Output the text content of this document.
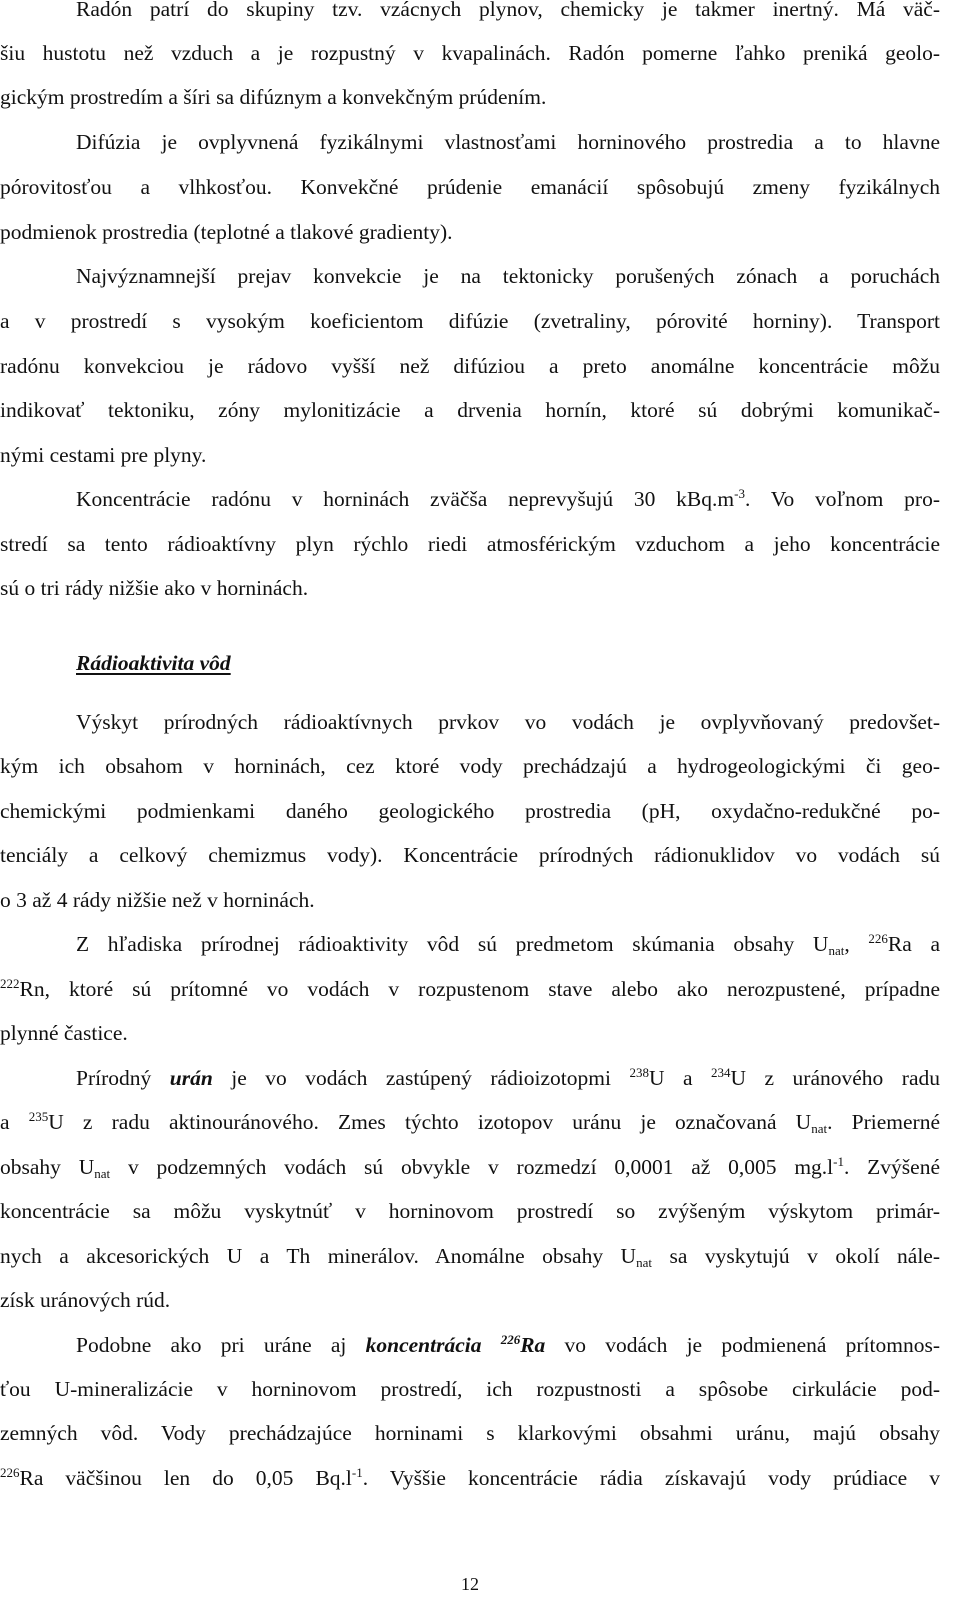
Radón patrí do skupiny tzv. vzácnych plynov, chemicky je takmer inertný. Má väč-
šiu hustotu než vzduch a je rozpustný v kvapalinách. Radón pomerne ľahko preniká geolo-
gickým prostredím a šíri sa difúznym a konvekčným prúdením.
Difúzia je ovplyvnená fyzikálnymi vlastnosťami horninového prostredia a to hlavne
pórovitosťou a vlhkosťou. Konvekčné prúdenie emanácií spôsobujú zmeny fyzikálnych
podmienok prostredia (teplotné a tlakové gradienty).
Najvýznamnejší prejav konvekcie je na tektonicky porušených zónach a poruchách
a v prostredí s vysokým koeficientom difúzie (zvetraliny, pórovité horniny). Transport
radónu konvekciou je rádovo vyšší než difúziou a preto anomálne koncentrácie môžu
indikovať tektoniku, zóny mylonitizácie a drvenia hornín, ktoré sú dobrými komunikač-
nými cestami pre plyny.
Koncentrácie radónu v horninách zväčša neprevyšujú 30 $kBq.m^{-3}$. Vo voľnom pro-
stredí sa tento rádioaktívny plyn rýchlo riedi atmosférickým vzduchom a jeho koncentrácie
sú o tri rády nižšie ako v horninách.
Rádioaktivita vôd
Výskyt prírodných rádioaktívnych prvkov vo vodách je ovplyvňovaný predovšet-
kým ich obsahom v horninách, cez ktoré vody prechádzajú a hydrogeologickými či geo-
chemickými podmienkami daného geologického prostredia (pH, oxydačno-redukčné po-
tenciály a celkový chemizmus vody). Koncentrácie prírodných rádionuklidov vo vodách sú
o 3 až 4 rády nižšie než v horninách.
Z hľadiska prírodnej rádioaktivity vôd sú predmetom skúmania obsahy $U_{nat}$, $^{226}$Ra a
$^{222}$Rn, ktoré sú prítomné vo vodách v rozpustenom stave alebo ako nerozpustené, prípadne
plynné častice.
Prírodný urán je vo vodách zastúpený rádioizotopmi $^{238}$U a $^{234}$U z uránového radu
a $^{235}$U z radu aktinouránového. Zmes týchto izotopov uránu je označovaná $U_{nat}$. Priemerné
obsahy $U_{nat}$ v podzemných vodách sú obvykle v rozmedzí 0,0001 až 0,005 $mg.l^{-1}$. Zvýšené
koncentrácie sa môžu vyskytnúť v horninovom prostredí so zvýšeným výskytom primár-
nych a akcesorických U a Th minerálov. Anomálne obsahy $U_{nat}$ sa vyskytujú v okolí nále-
získ uránových rúd.
Podobne ako pri uráne aj koncentrácia $^{226}$Ra vo vodách je podmienená prítomnos-
ťou U-mineralizácie v horninovom prostredí, ich rozpustnosti a spôsobe cirkulácie pod-
zemných vôd. Vody prechádzajúce horninami s klarkovými obsahmi uránu, majú obsahy
$^{226}$Ra väčšinou len do 0,05 $Bq.l^{-1}$. Vyššie koncentrácie rádia získavajú vody prúdiace v
12
